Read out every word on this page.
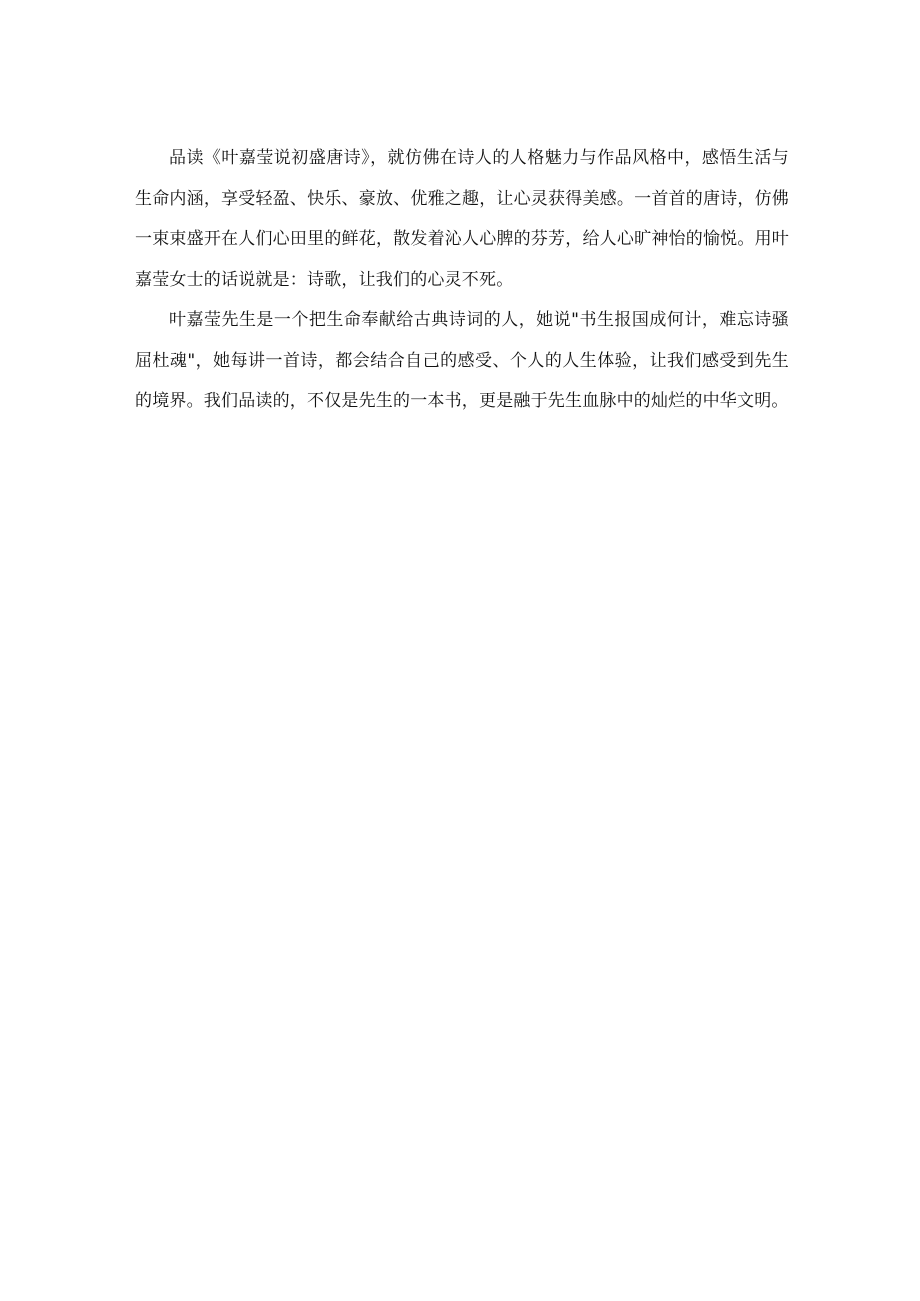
品读《叶嘉莹说初盛唐诗》，就仿佛在诗人的人格魅力与作品风格中，感悟生活与生命内涵，享受轻盈、快乐、豪放、优雅之趣，让心灵获得美感。一首首的唐诗，仿佛一束束盛开在人们心田里的鲜花，散发着沁人心脾的芬芳，给人心旷神怡的愉悦。用叶嘉莹女士的话说就是：诗歌，让我们的心灵不死。

叶嘉莹先生是一个把生命奉献给古典诗词的人，她说"书生报国成何计，难忘诗骚屈杜魂"，她每讲一首诗，都会结合自己的感受、个人的人生体验，让我们感受到先生的境界。我们品读的，不仅是先生的一本书，更是融于先生血脉中的灿烂的中华文明。
